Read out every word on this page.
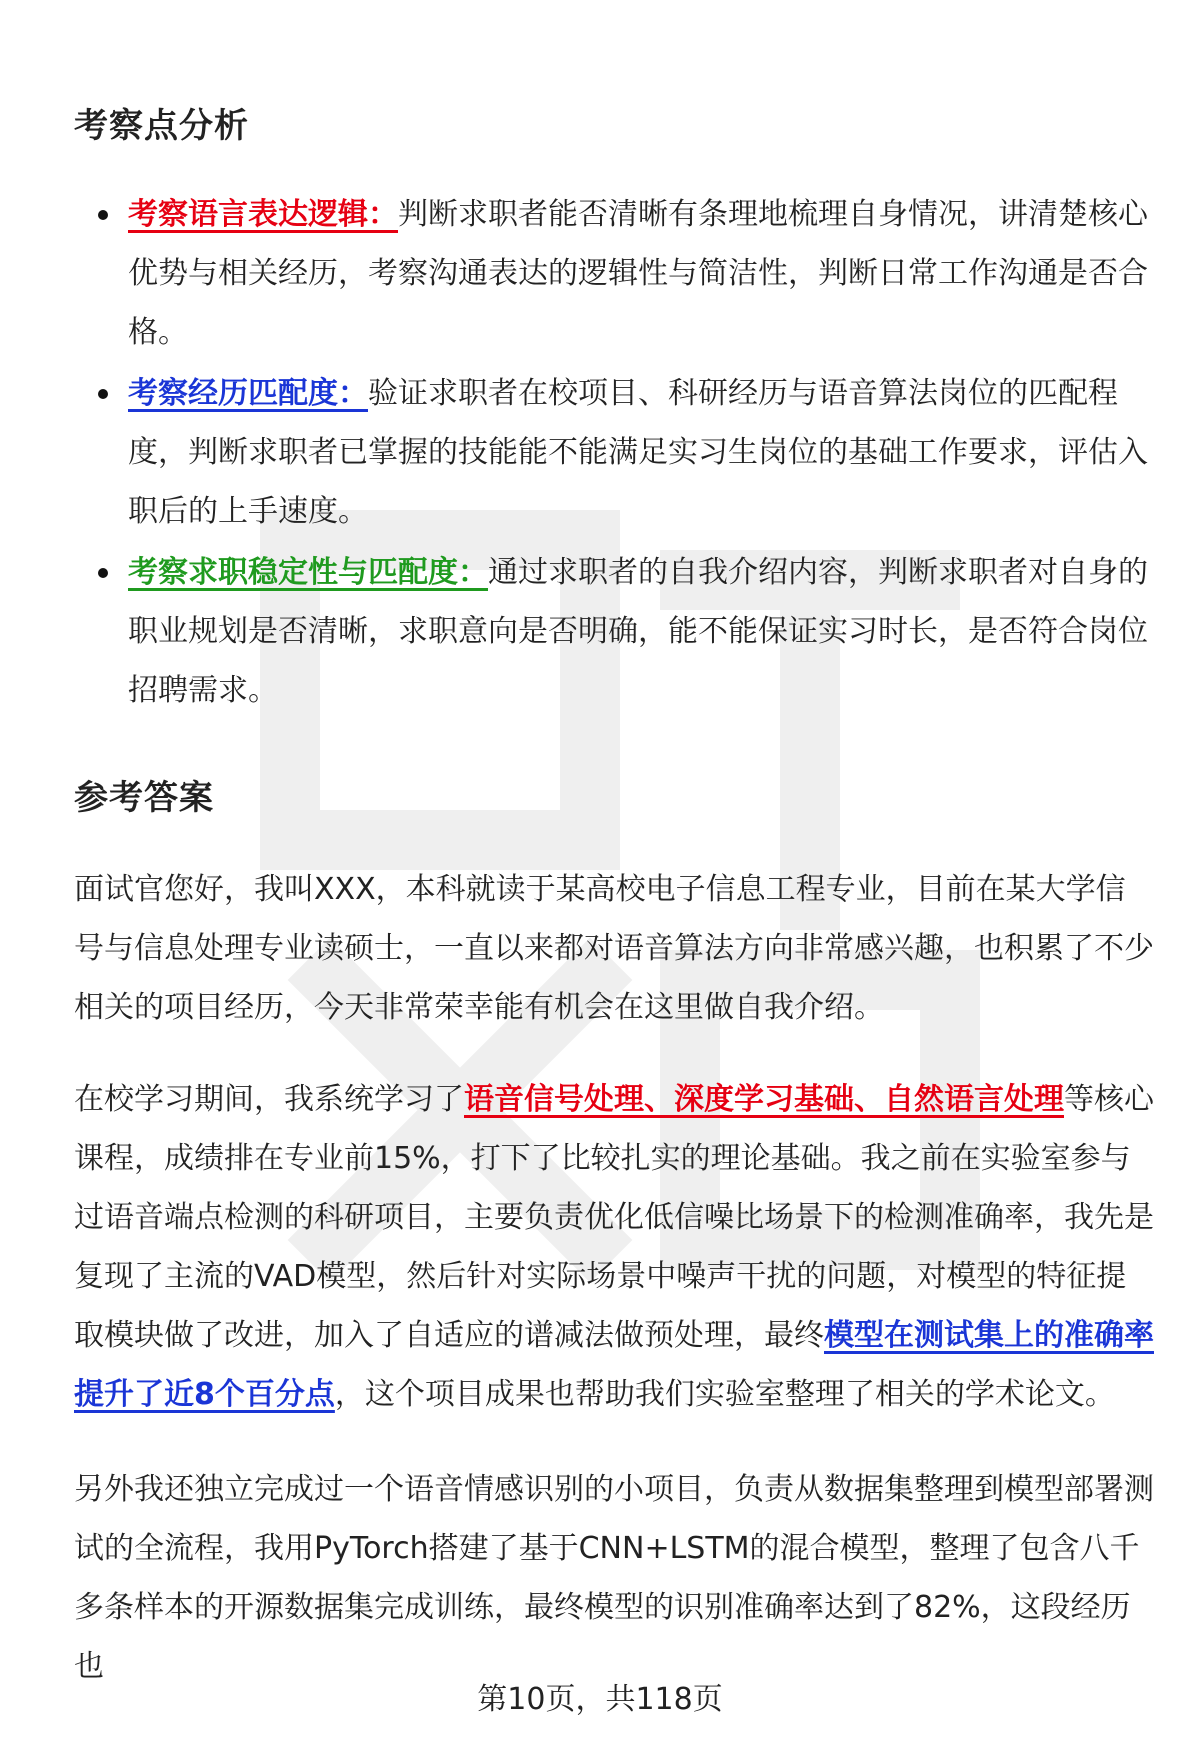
考察点分析
考察语言表达逻辑：判断求职者能否清晰有条理地梳理自身情况，讲清楚核心优势与相关经历，考察沟通表达的逻辑性与简洁性，判断日常工作沟通是否合格。
考察经历匹配度：验证求职者在校项目、科研经历与语音算法岗位的匹配程度，判断求职者已掌握的技能能不能满足实习生岗位的基础工作要求，评估入职后的上手速度。
考察求职稳定性与匹配度：通过求职者的自我介绍内容，判断求职者对自身的职业规划是否清晰，求职意向是否明确，能不能保证实习时长，是否符合岗位招聘需求。
参考答案

面试官您好，我叫XXX，本科就读于某高校电子信息工程专业，目前在某大学信号与信息处理专业读硕士，一直以来都对语音算法方向非常感兴趣，也积累了不少相关的项目经历，今天非常荣幸能有机会在这里做自我介绍。

在校学习期间，我系统学习了语音信号处理、深度学习基础、自然语言处理等核心课程，成绩排在专业前15%，打下了比较扎实的理论基础。我之前在实验室参与过语音端点检测的科研项目，主要负责优化低信噪比场景下的检测准确率，我先是复现了主流的VAD模型，然后针对实际场景中噪声干扰的问题，对模型的特征提取模块做了改进，加入了自适应的谱减法做预处理，最终模型在测试集上的准确率提升了近8个百分点，这个项目成果也帮助我们实验室整理了相关的学术论文。

另外我还独立完成过一个语音情感识别的小项目，负责从数据集整理到模型部署测试的全流程，我用PyTorch搭建了基于CNN+LSTM的混合模型，整理了包含八千多条样本的开源数据集完成训练，最终模型的识别准确率达到了82%，这段经历也

第10页，共118页
